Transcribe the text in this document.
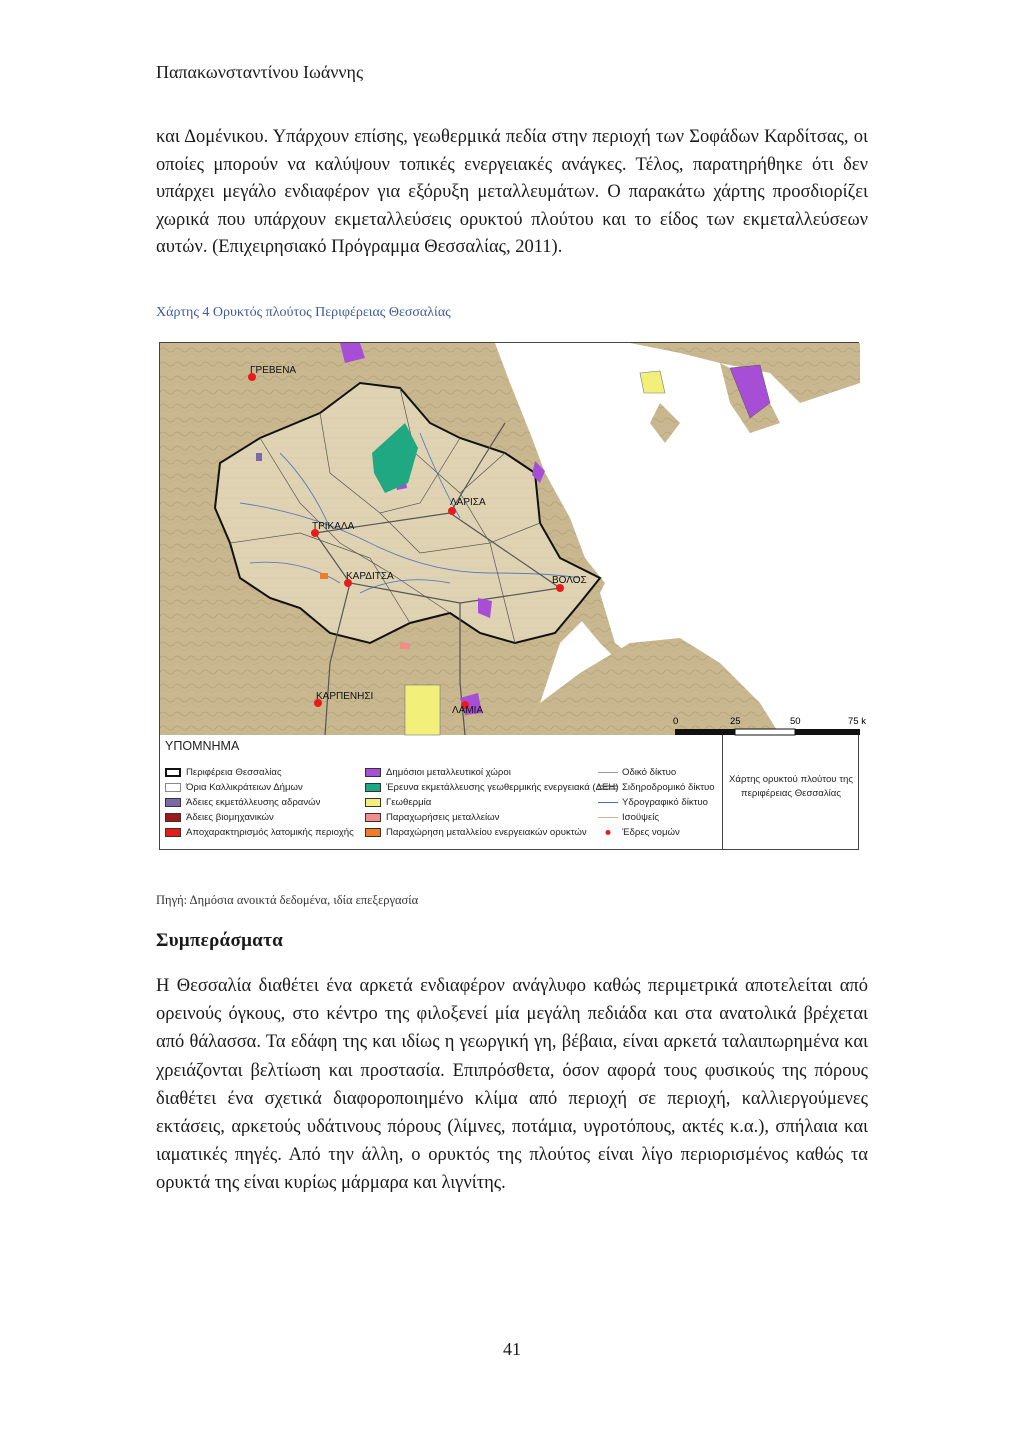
Παπακωνσταντίνου Ιωάννης

και Δομένικου. Υπάρχουν επίσης, γεωθερμικά πεδία στην περιοχή των Σοφάδων Καρδίτσας, οι οποίες μπορούν να καλύψουν τοπικές ενεργειακές ανάγκες. Τέλος, παρατηρήθηκε ότι δεν υπάρχει μεγάλο ενδιαφέρον για εξόρυξη μεταλλευμάτων. Ο παρακάτω χάρτης προσδιορίζει χωρικά που υπάρχουν εκμεταλλεύσεις ορυκτού πλούτου και το είδος των εκμεταλλεύσεων αυτών. (Επιχειρησιακό Πρόγραμμα Θεσσαλίας, 2011).

Χάρτης 4 Ορυκτός πλούτος Περιφέρειας Θεσσαλίας
ΓΡΕΒΕΝΑ
ΤΡΙΚΑΛΑ
ΛΑΡΙΣΑ
ΚΑΡΔΙΤΣΑ	ΒΟΛΟΣ
ΚΑΡΠΕΝΗΣΙ
ΛΑΜΙΑ
0	25	50	75 k
ΥΠΟΜΝΗΜΑ
Περιφέρεια Θεσσαλίας
Όρια Καλλικράτειων Δήμων
Άδειες εκμετάλλευσης αδρανών
Άδειες βιομηχανικών
Αποχαρακτηρισμός λατομικής περιοχής
Δημόσιοι μεταλλευτικοί χώροι
Έρευνα εκμετάλλευσης γεωθερμικής ενεργειακά (ΔΕΗ)
Γεωθερμία
Παραχωρήσεις μεταλλείων
Παραχώρηση μεταλλείου ενεργειακών ορυκτών
Οδικό δίκτυο
Σιδηροδρομικό δίκτυο
Υδρογραφικό δίκτυο
Ισοϋψείς
Έδρες νομών
Χάρτης ορυκτού πλούτου της περιφέρειας Θεσσαλίας
Πηγή: Δημόσια ανοικτά δεδομένα, ιδία επεξεργασία
Συμπεράσματα

Η Θεσσαλία διαθέτει ένα αρκετά ενδιαφέρον ανάγλυφο καθώς περιμετρικά αποτελείται από ορεινούς όγκους, στο κέντρο της φιλοξενεί μία μεγάλη πεδιάδα και στα ανατολικά βρέχεται από θάλασσα. Τα εδάφη της και ιδίως η γεωργική γη, βέβαια, είναι αρκετά ταλαιπωρημένα και χρειάζονται βελτίωση και προστασία. Επιπρόσθετα, όσον αφορά τους φυσικούς της πόρους διαθέτει ένα σχετικά διαφοροποιημένο κλίμα από περιοχή σε περιοχή, καλλιεργούμενες εκτάσεις, αρκετούς υδάτινους πόρους (λίμνες, ποτάμια, υγροτόπους, ακτές κ.α.), σπήλαια και ιαματικές πηγές. Από την άλλη, ο ορυκτός της πλούτος είναι λίγο περιορισμένος καθώς τα ορυκτά της είναι κυρίως μάρμαρα και λιγνίτης.

41
